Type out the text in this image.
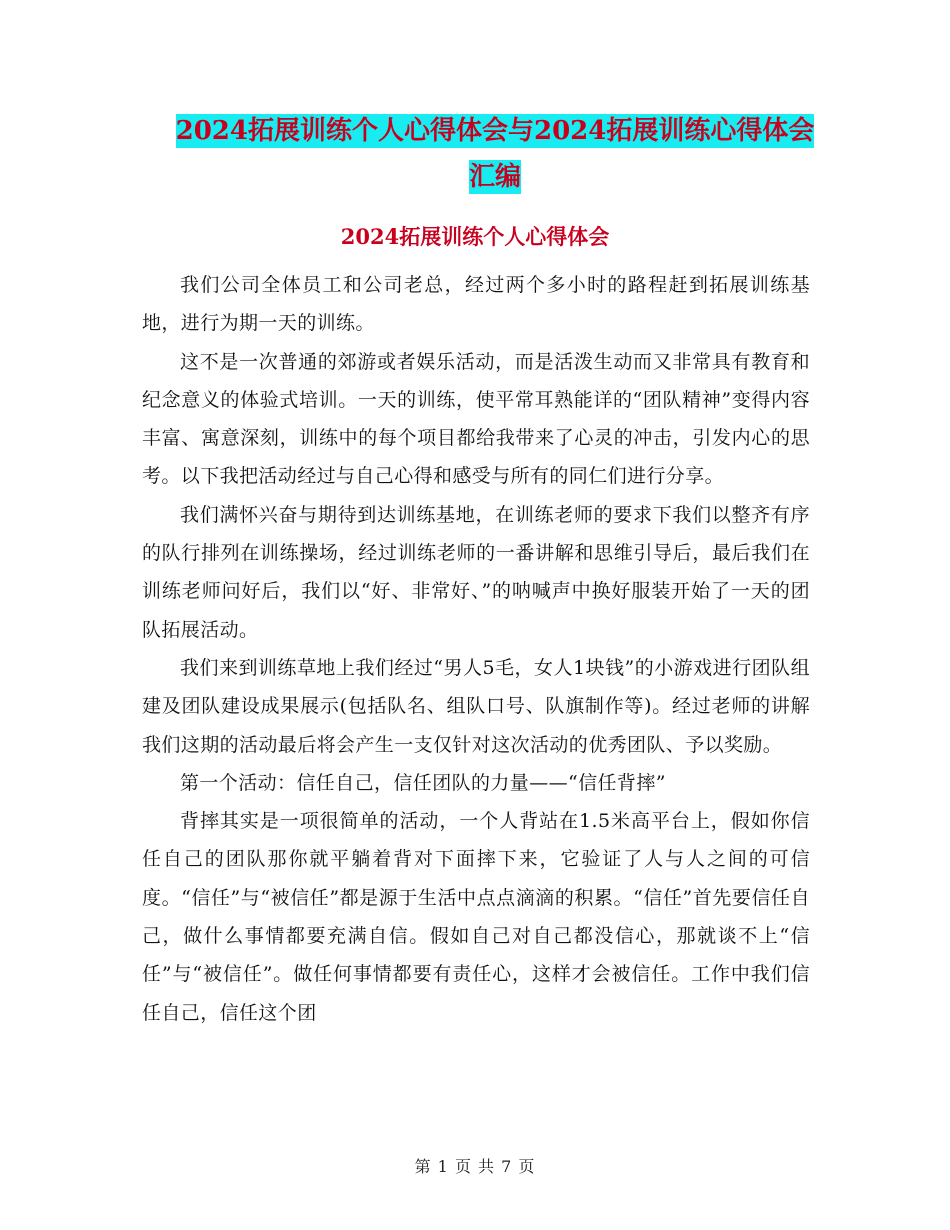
2024拓展训练个人心得体会与2024拓展训练心得体会
汇编
2024拓展训练个人心得体会

我们公司全体员工和公司老总，经过两个多小时的路程赶到拓展训练基地，进行为期一天的训练。

这不是一次普通的郊游或者娱乐活动，而是活泼生动而又非常具有教育和纪念意义的体验式培训。一天的训练，使平常耳熟能详的“团队精神”变得内容丰富、寓意深刻，训练中的每个项目都给我带来了心灵的冲击，引发内心的思考。以下我把活动经过与自己心得和感受与所有的同仁们进行分享。

我们满怀兴奋与期待到达训练基地，在训练老师的要求下我们以整齐有序的队行排列在训练操场，经过训练老师的一番讲解和思维引导后，最后我们在训练老师问好后，我们以“好、非常好、”的呐喊声中换好服装开始了一天的团队拓展活动。

我们来到训练草地上我们经过“男人5毛，女人1块钱”的小游戏进行团队组建及团队建设成果展示(包括队名、组队口号、队旗制作等)。经过老师的讲解我们这期的活动最后将会产生一支仅针对这次活动的优秀团队、予以奖励。

第一个活动：信任自己，信任团队的力量——“信任背摔”

背摔其实是一项很简单的活动，一个人背站在1.5米高平台上，假如你信任自己的团队那你就平躺着背对下面摔下来，它验证了人与人之间的可信度。“信任”与“被信任”都是源于生活中点点滴滴的积累。“信任”首先要信任自己，做什么事情都要充满自信。假如自己对自己都没信心，那就谈不上“信任”与“被信任”。做任何事情都要有责任心，这样才会被信任。工作中我们信任自己，信任这个团

第 1 页 共 7 页
